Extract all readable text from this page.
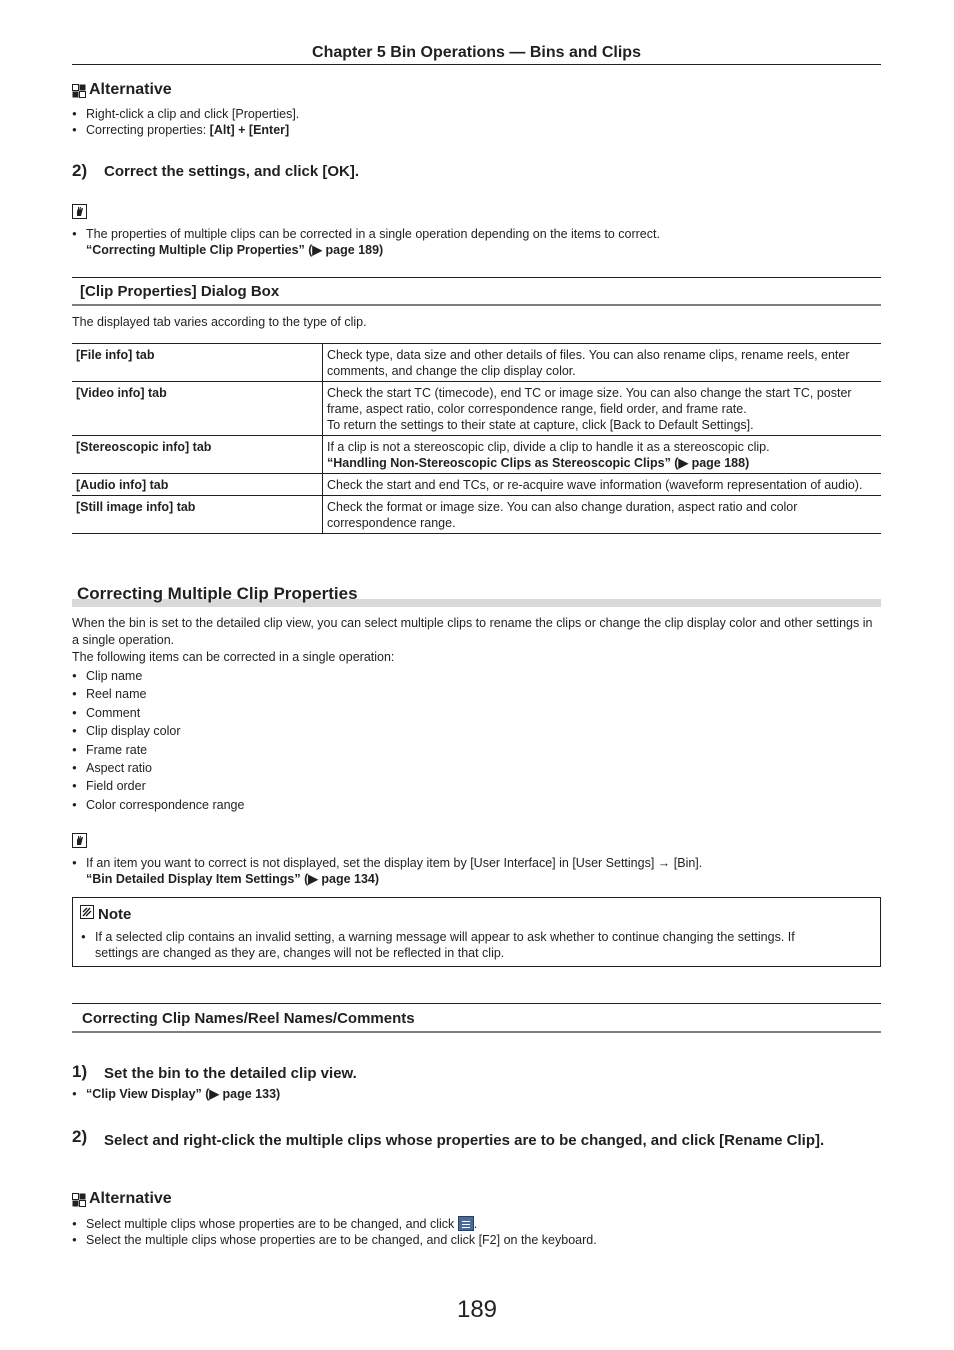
Chapter 5 Bin Operations — Bins and Clips
Alternative
● Right-click a clip and click [Properties].
● Correcting properties: [Alt] + [Enter]
2)	Correct the settings, and click [OK].
● The properties of multiple clips can be corrected in a single operation depending on the items to correct.
“Correcting Multiple Clip Properties” (▶ page 189)
[Clip Properties] Dialog Box
The displayed tab varies according to the type of clip.
[File info] tab	Check type, data size and other details of files. You can also rename clips, rename reels, enter comments, and change the clip display color.
[Video info] tab	Check the start TC (timecode), end TC or image size. You can also change the start TC, poster frame, aspect ratio, color correspondence range, field order, and frame rate.
To return the settings to their state at capture, click [Back to Default Settings].

[Stereoscopic info] tab	If a clip is not a stereoscopic clip, divide a clip to handle it as a stereoscopic clip.
“Handling Non-Stereoscopic Clips as Stereoscopic Clips” (▶ page 188)

[Audio info] tab	Check the start and end TCs, or re-acquire wave information (waveform representation of audio).
[Still image info] tab	Check the format or image size. You can also change duration, aspect ratio and color correspondence range.
Correcting Multiple Clip Properties
When the bin is set to the detailed clip view, you can select multiple clips to rename the clips or change the clip display color and other settings in a single operation.
The following items can be corrected in a single operation:
● Clip name
● Reel name
● Comment
● Clip display color
● Frame rate
● Aspect ratio
● Field order
● Color correspondence range
● If an item you want to correct is not displayed, set the display item by [User Interface] in [User Settings] → [Bin].
“Bin Detailed Display Item Settings” (▶ page 134)
Note
● If a selected clip contains an invalid setting, a warning message will appear to ask whether to continue changing the settings. If settings are changed as they are, changes will not be reflected in that clip.
Correcting Clip Names/Reel Names/Comments
1)	Set the bin to the detailed clip view.
● “Clip View Display” (▶ page 133)
2)	Select and right-click the multiple clips whose properties are to be changed, and click [Rename Clip].
Alternative
● Select multiple clips whose properties are to be changed, and click
.
● Select the multiple clips whose properties are to be changed, and click [F2] on the keyboard.
189
